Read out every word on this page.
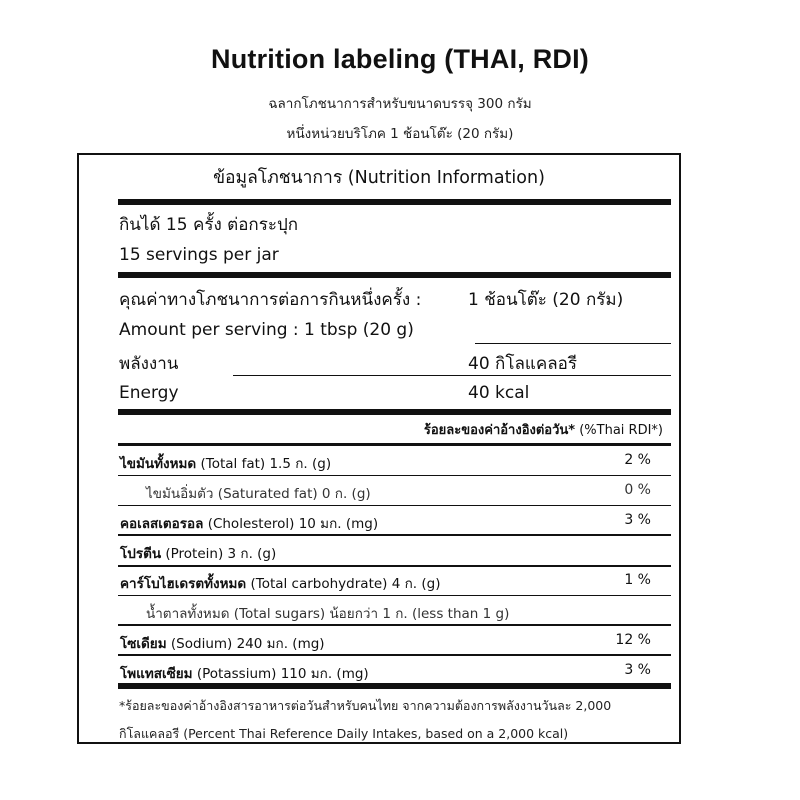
Nutrition labeling (THAI, RDI)
ฉลากโภชนาการสำหรับขนาดบรรจุ 300 กรัม
หนึ่งหน่วยบริโภค 1 ช้อนโต๊ะ (20 กรัม)
ข้อมูลโภชนาการ (Nutrition Information)
กินได้ 15 ครั้ง ต่อกระปุก
15 servings per jar
คุณค่าทางโภชนาการต่อการกินหนึ่งครั้ง :	1 ช้อนโต๊ะ (20 กรัม)
Amount per serving : 1 tbsp (20 g)
พลังงาน	40 กิโลแคลอรี
Energy	40 kcal
ร้อยละของค่าอ้างอิงต่อวัน* (%Thai RDI*)
ไขมันทั้งหมด (Total fat) 1.5 ก. (g)	2 %
ไขมันอิ่มตัว (Saturated fat) 0 ก. (g)	0 %
คอเลสเตอรอล (Cholesterol) 10 มก. (mg)	3 %
โปรตีน (Protein) 3 ก. (g)
คาร์โบไฮเดรตทั้งหมด (Total carbohydrate) 4 ก. (g)	1 %
น้ำตาลทั้งหมด (Total sugars) น้อยกว่า 1 ก. (less than 1 g)
โซเดียม (Sodium) 240 มก. (mg)	12 %
โพแทสเซียม (Potassium) 110 มก. (mg)	3 %
*ร้อยละของค่าอ้างอิงสารอาหารต่อวันสำหรับคนไทย จากความต้องการพลังงานวันละ 2,000
กิโลแคลอรี (Percent Thai Reference Daily Intakes, based on a 2,000 kcal)
